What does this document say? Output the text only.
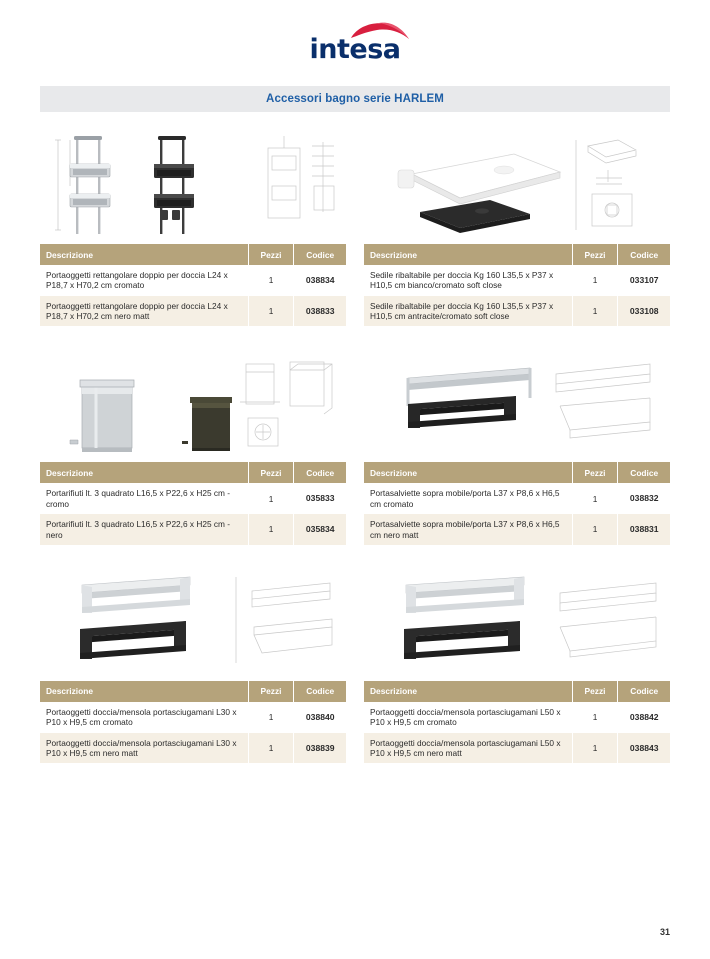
intesa
Accessori bagno serie HARLEM
Descrizione	Pezzi	Codice
Portaoggetti rettangolare doppio per doccia L24 x P18,7 x H70,2 cm cromato	1	038834
Portaoggetti rettangolare doppio per doccia L24 x P18,7 x H70,2 cm nero matt	1	038833
Descrizione	Pezzi	Codice
Sedile ribaltabile per doccia Kg 160 L35,5 x P37 x H10,5 cm bianco/cromato soft close	1	033107
Sedile ribaltabile per doccia Kg 160 L35,5 x P37 x H10,5 cm antracite/cromato soft close	1	033108
Descrizione	Pezzi	Codice
Portarifiuti lt. 3 quadrato L16,5 x P22,6 x H25 cm - cromo	1	035833
Portarifiuti lt. 3 quadrato L16,5 x P22,6 x H25 cm - nero	1	035834
Descrizione	Pezzi	Codice
Portasalviette sopra mobile/porta L37 x P8,6 x H6,5 cm cromato	1	038832
Portasalviette sopra mobile/porta L37 x P8,6 x H6,5 cm nero matt	1	038831
Descrizione	Pezzi	Codice
Portaoggetti doccia/mensola portasciugamani L30 x P10 x H9,5 cm cromato	1	038840
Portaoggetti doccia/mensola portasciugamani L30 x P10 x H9,5 cm nero matt	1	038839
Descrizione	Pezzi	Codice
Portaoggetti doccia/mensola portasciugamani L50 x P10 x H9,5 cm cromato	1	038842
Portaoggetti doccia/mensola portasciugamani L50 x P10 x H9,5 cm nero matt	1	038843
31
